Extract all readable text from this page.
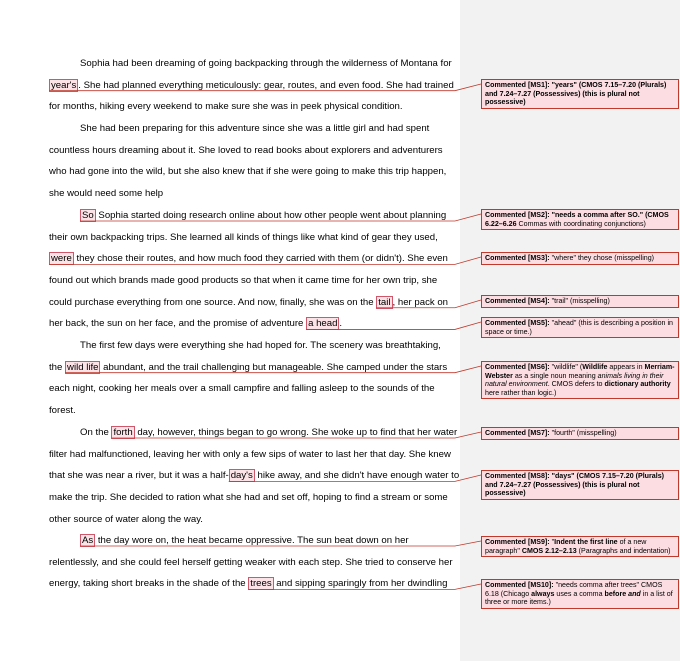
Sophia had been dreaming of going backpacking through the wilderness of Montana for
year's . She had planned everything meticulously: gear, routes, and even food. She had trained
for months, hiking every weekend to make sure she was in peek physical condition.
She had been preparing for this adventure since she was a little girl and had spent
countless hours dreaming about it. She loved to read books about explorers and adventurers
who had gone into the wild, but she also knew that if she were going to make this trip happen,
she would need some help
So Sophia started doing research online about how other people went about planning
their own backpacking trips. She learned all kinds of things like what kind of gear they used,
were they chose their routes, and how much food they carried with them (or didn't). She even
found out which brands made good products so that when it came time for her own trip, she
could purchase everything from one source. And now, finally, she was on the tail , her pack on
her back, the sun on her face, and the promise of adventure a head .
The first few days were everything she had hoped for. The scenery was breathtaking,
the wild life abundant, and the trail challenging but manageable. She camped under the stars
each night, cooking her meals over a small campfire and falling asleep to the sounds of the
forest.
On the forth day, however, things began to go wrong. She woke up to find that her water
filter had malfunctioned, leaving her with only a few sips of water to last her that day. She knew
that she was near a river, but it was a half- day's hike away, and she didn't have enough water to
make the trip. She decided to ration what she had and set off, hoping to find a stream or some
other source of water along the way.
As the day wore on, the heat became oppressive. The sun beat down on her
relentlessly, and she could feel herself getting weaker with each step. She tried to conserve her
energy, taking short breaks in the shade of the trees and sipping sparingly from her dwindling
Commented [MS1]: "years" (CMOS 7.15–7.20 (Plurals) and 7.24–7.27 (Possessives) (this is plural not possessive)
Commented [MS2]: "needs a comma after SO." (CMOS 6.22–6.26 Commas with coordinating conjunctions)
Commented [MS3]: "where" they chose (misspelling)
Commented [MS4]: "trail" (misspelling)
Commented [MS5]: "ahead" (this is describing a position in space or time.)
Commented [MS6]: "wildlife" (Wildlife appears in Merriam-Webster as a single noun meaning animals living in their natural environment. CMOS defers to dictionary authority here rather than logic.)
Commented [MS7]: "fourth" (misspelling)
Commented [MS8]: "days" (CMOS 7.15–7.20 (Plurals) and 7.24–7.27 (Possessives) (this is plural not possessive)
Commented [MS9]: "Indent the first line of a new paragraph" CMOS 2.12–2.13 (Paragraphs and indentation)
Commented [MS10]: "needs comma after trees" CMOS 6.18 (Chicago always uses a comma before and in a list of three or more items.)
